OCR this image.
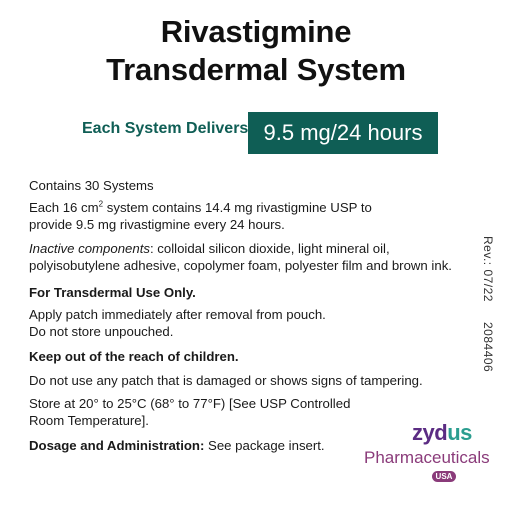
Rivastigmine
Transdermal System
Each System Delivers 9.5 mg/24 hours
Contains 30 Systems
Each 16 $cm^2$ system contains 14.4 mg rivastigmine USP to
provide 9.5 mg rivastigmine every 24 hours.
Inactive components: colloidal silicon dioxide, light mineral oil,
polyisobutylene adhesive, copolymer foam, polyester film and brown ink.
For Transdermal Use Only.
Apply patch immediately after removal from pouch.
Do not store unpouched.
Keep out of the reach of children.
Do not use any patch that is damaged or shows signs of tampering.
Store at 20° to 25°C (68° to 77°F) [See USP Controlled
Room Temperature].
Dosage and Administration: See package insert.
Rev.: 07/22
2084406
zydus
Pharmaceuticals
USA
